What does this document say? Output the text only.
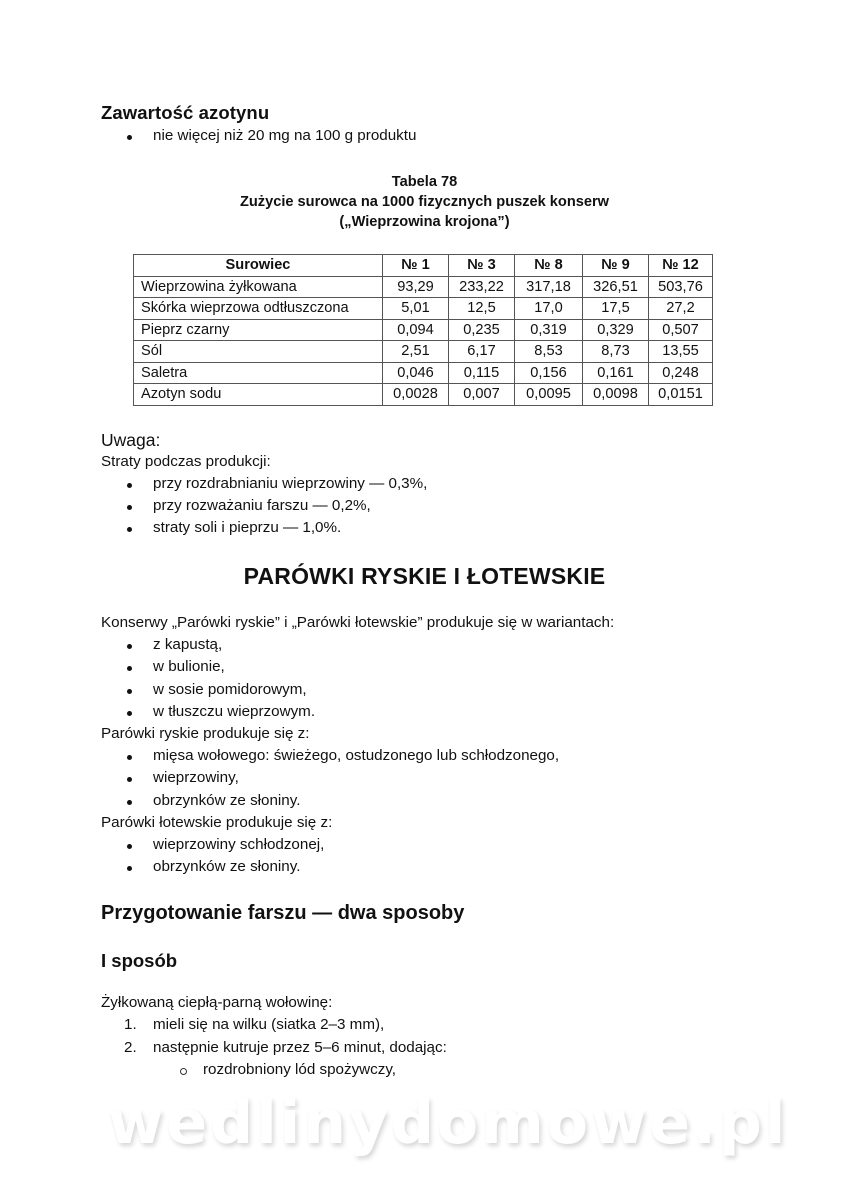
Zawartość azotynu
nie więcej niż 20 mg na 100 g produktu

Tabela 78

Zużycie surowca na 1000 fizycznych puszek konserw

(„Wieprzowina krojona”)

Surowiec	№ 1	№ 3	№ 8	№ 9	№ 12
Wieprzowina żyłkowana	93,29	233,22	317,18	326,51	503,76
Skórka wieprzowa odtłuszczona	5,01	12,5	17,0	17,5	27,2
Pieprz czarny	0,094	0,235	0,319	0,329	0,507
Sól	2,51	6,17	8,53	8,73	13,55
Saletra	0,046	0,115	0,156	0,161	0,248
Azotyn sodu	0,0028	0,007	0,0095	0,0098	0,0151

Uwaga:

Straty podczas produkcji:

przy rozdrabnianiu wieprzowiny — 0,3%,
przy rozważaniu farszu — 0,2%,
straty soli i pieprzu — 1,0%.
PARÓWKI RYSKIE I ŁOTEWSKIE

Konserwy „Parówki ryskie” i „Parówki łotewskie” produkuje się w wariantach:

z kapustą,
w bulionie,
w sosie pomidorowym,
w tłuszczu wieprzowym.

Parówki ryskie produkuje się z:

mięsa wołowego: świeżego, ostudzonego lub schłodzonego,
wieprzowiny,
obrzynków ze słoniny.

Parówki łotewskie produkuje się z:

wieprzowiny schłodzonej,
obrzynków ze słoniny.
Przygotowanie farszu — dwa sposoby
I sposób

Żyłkowaną ciepłą-parną wołowinę:

1. mieli się na wilku (siatka 2–3 mm),
2. następnie kutruje przez 5–6 minut, dodając:
rozdrobniony lód spożywczy,
wedlinydomowe.pl
